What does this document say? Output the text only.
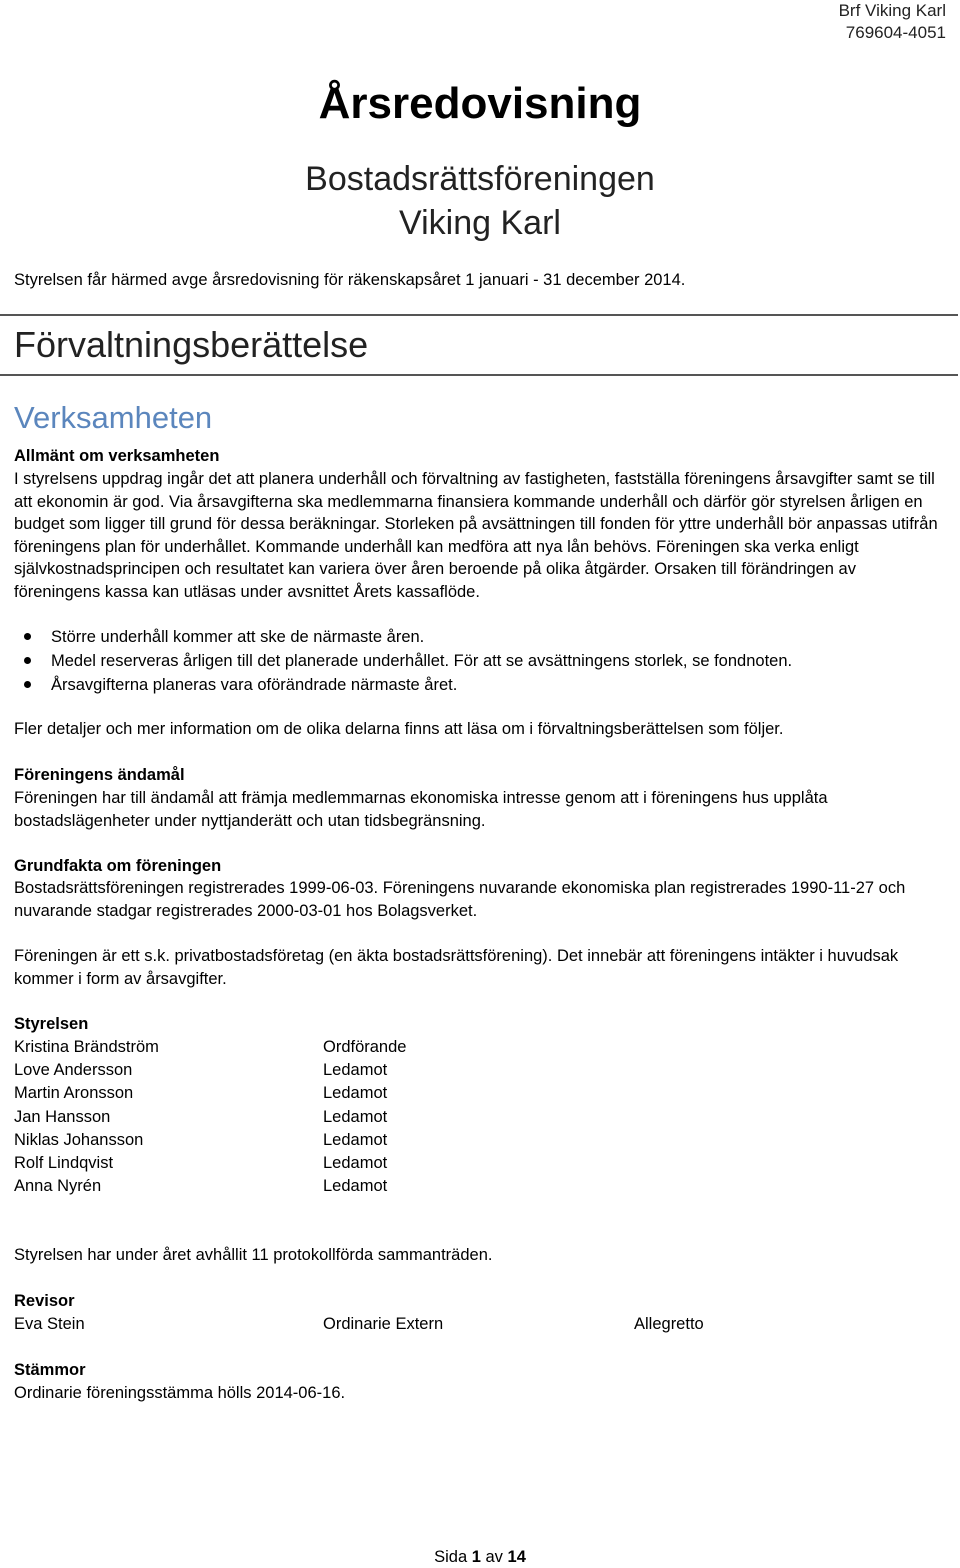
Brf Viking Karl
769604-4051
Årsredovisning
Bostadsrättsföreningen
Viking Karl
Styrelsen får härmed avge årsredovisning för räkenskapsåret 1 januari - 31 december 2014.
Förvaltningsberättelse
Verksamheten
Allmänt om verksamheten
I styrelsens uppdrag ingår det att planera underhåll och förvaltning av fastigheten, fastställa föreningens årsavgifter samt se till att ekonomin är god. Via årsavgifterna ska medlemmarna finansiera kommande underhåll och därför gör styrelsen årligen en budget som ligger till grund för dessa beräkningar. Storleken på avsättningen till fonden för yttre underhåll bör anpassas utifrån föreningens plan för underhållet. Kommande underhåll kan medföra att nya lån behövs. Föreningen ska verka enligt självkostnadsprincipen och resultatet kan variera över åren beroende på olika åtgärder. Orsaken till förändringen av föreningens kassa kan utläsas under avsnittet Årets kassaflöde.
Större underhåll kommer att ske de närmaste åren.
Medel reserveras årligen till det planerade underhållet. För att se avsättningens storlek, se fondnoten.
Årsavgifterna planeras vara oförändrade närmaste året.
Fler detaljer och mer information om de olika delarna finns att läsa om i förvaltningsberättelsen som följer.
Föreningens ändamål
Föreningen har till ändamål att främja medlemmarnas ekonomiska intresse genom att i föreningens hus upplåta bostadslägenheter under nyttjanderätt och utan tidsbegränsning.
Grundfakta om föreningen
Bostadsrättsföreningen registrerades 1999-06-03. Föreningens nuvarande ekonomiska plan registrerades 1990-11-27 och nuvarande stadgar registrerades 2000-03-01 hos Bolagsverket.
Föreningen är ett s.k. privatbostadsföretag (en äkta bostadsrättsförening). Det innebär att föreningens intäkter i huvudsak kommer i form av årsavgifter.
Styrelsen
Kristina Brändström	Ordförande
Love Andersson	Ledamot
Martin Aronsson	Ledamot
Jan Hansson	Ledamot
Niklas Johansson	Ledamot
Rolf Lindqvist	Ledamot
Anna Nyrén	Ledamot
Styrelsen har under året avhållit 11 protokollförda sammanträden.
Revisor
Eva Stein	Ordinarie Extern	Allegretto
Stämmor
Ordinarie föreningsstämma hölls 2014-06-16.
Sida 1 av 14
